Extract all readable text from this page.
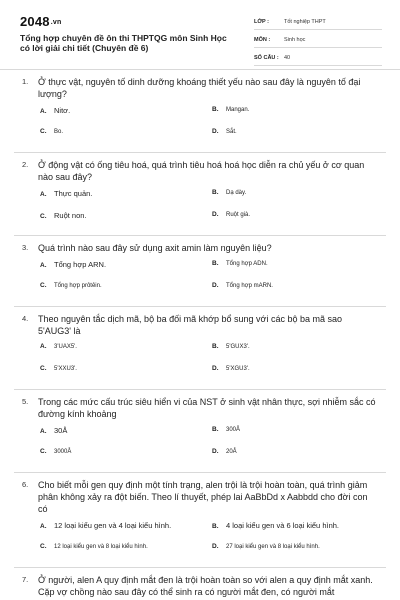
2048.vn
Tổng hợp chuyên đề ôn thi THPTQG môn Sinh Học có lời giải chi tiết (Chuyên đề 6)
LỚP :	Tốt nghiệp THPT
MÔN :	Sinh học
SỐ CÂU : 40
1.	Ở thực vật, nguyên tố dinh dưỡng khoáng thiết yếu nào sau đây là nguyên tố đại lượng?
A.	Nitơ.	B.	Mangan.
C.	Bo.	D.	Sắt.
2.	Ở động vật có ống tiêu hoá, quá trình tiêu hoá hoá học diễn ra chủ yếu ở cơ quan nào sau đây?
A.	Thực quản.	B.	Dạ dày.
C.	Ruột non.	D.	Ruột già.
3.	Quá trình nào sau đây sử dụng axit amin làm nguyên liệu?
A.	Tổng hợp ARN.	B.	Tổng hợp ADN.
C.	Tổng hợp prôtêin.	D.	Tổng hợp mARN.
4.	Theo nguyên tắc dịch mã, bộ ba đối mã khớp bổ sung với các bộ ba mã sao 5'AUG3' là
A.	3'UAX5'.	B.	5'GUX3'.
C.	5'XXU3'.	D.	5'XGU3'.
5.	Trong các mức cấu trúc siêu hiển vi của NST ở sinh vật nhân thực, sợi nhiễm sắc có đường kính khoảng
A.	30Å	B.	300Å
C.	3000Å	D.	20Å
6.	Cho biết mỗi gen quy định một tính trạng, alen trội là trội hoàn toàn, quá trình giảm phân không xảy ra đột biến. Theo lí thuyết, phép lai AaBbDd x Aabbdd cho đời con có
A.	12 loại kiểu gen và 4 loại kiểu hình.	B.	4 loại kiểu gen và 6 loại kiểu hình.
C.	12 loại kiểu gen và 8 loại kiểu hình.	D.	27 loại kiểu gen và 8 loại kiểu hình.
7.	Ở người, alen A quy định mắt đen là trội hoàn toàn so với alen a quy định mắt xanh. Cặp vợ chồng nào sau đây có thể sinh ra có người mắt đen, có người mắt
